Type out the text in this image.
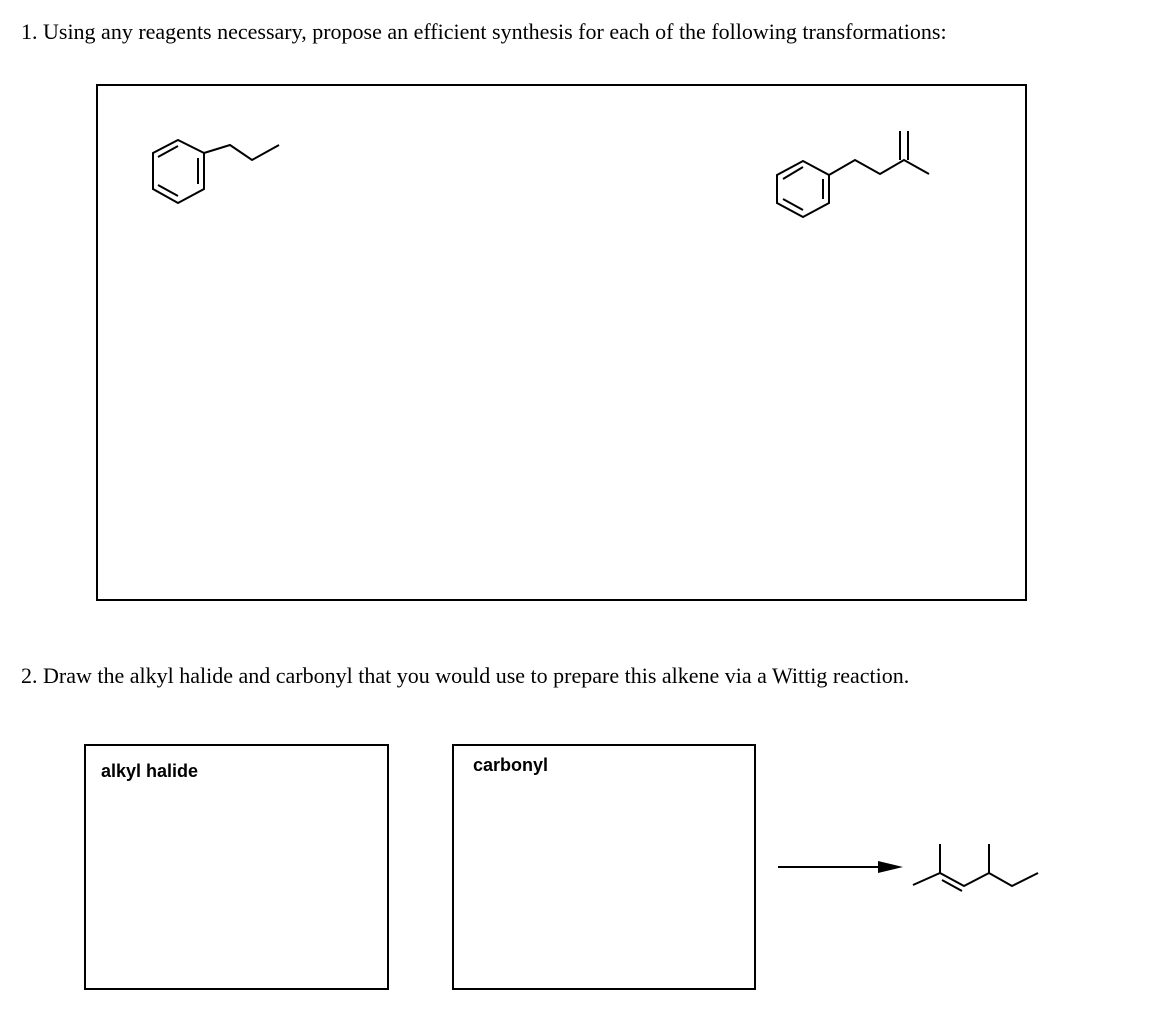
1. Using any reagents necessary, propose an efficient synthesis for each of the following transformations:
2. Draw the alkyl halide and carbonyl that you would use to prepare this alkene via a Wittig reaction.
alkyl halide	carbonyl
